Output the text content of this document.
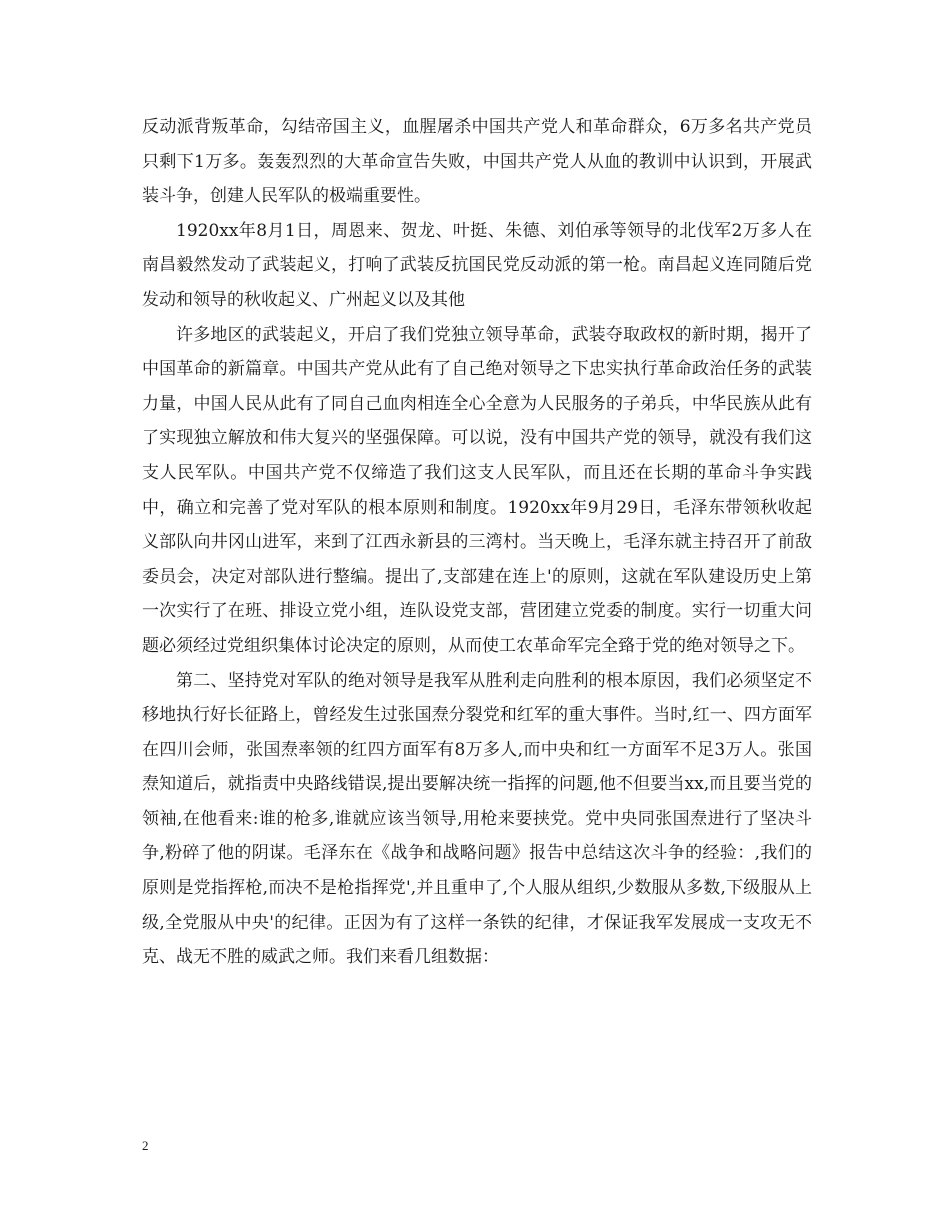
反动派背叛革命，勾结帝国主义，血腥屠杀中国共产党人和革命群众，6万多名共产党员只剩下1万多。轰轰烈烈的大革命宣告失败，中国共产党人从血的教训中认识到，开展武装斗争，创建人民军队的极端重要性。

1920xx年8月1日，周恩来、贺龙、叶挺、朱德、刘伯承等领导的北伐军2万多人在南昌毅然发动了武装起义，打响了武装反抗国民党反动派的第一枪。南昌起义连同随后党发动和领导的秋收起义、广州起义以及其他

许多地区的武装起义，开启了我们党独立领导革命，武装夺取政权的新时期，揭开了中国革命的新篇章。中国共产党从此有了自己绝对领导之下忠实执行革命政治任务的武装力量，中国人民从此有了同自己血肉相连全心全意为人民服务的子弟兵，中华民族从此有了实现独立解放和伟大复兴的坚强保障。可以说，没有中国共产党的领导，就没有我们这支人民军队。中国共产党不仅缔造了我们这支人民军队，而且还在长期的革命斗争实践中，确立和完善了党对军队的根本原则和制度。1920xx年9月29日，毛泽东带领秋收起义部队向井冈山进军，来到了江西永新县的三湾村。当天晚上，毛泽东就主持召开了前敌委员会，决定对部队进行整编。提出了,支部建在连上'的原则，这就在军队建设历史上第一次实行了在班、排设立党小组，连队设党支部，营团建立党委的制度。实行一切重大问题必须经过党组织集体讨论决定的原则，从而使工农革命军完全臵于党的绝对领导之下。

第二、坚持党对军队的绝对领导是我军从胜利走向胜利的根本原因，我们必须坚定不移地执行好长征路上，曾经发生过张国焘分裂党和红军的重大事件。当时,红一、四方面军在四川会师，张国焘率领的红四方面军有8万多人,而中央和红一方面军不足3万人。张国焘知道后，就指责中央路线错误,提出要解决统一指挥的问题,他不但要当xx,而且要当党的领袖,在他看来:谁的枪多,谁就应该当领导,用枪来要挟党。党中央同张国焘进行了坚决斗争,粉碎了他的阴谋。毛泽东在《战争和战略问题》报告中总结这次斗争的经验：,我们的原则是党指挥枪,而决不是枪指挥党',并且重申了,个人服从组织,少数服从多数,下级服从上级,全党服从中央'的纪律。正因为有了这样一条铁的纪律，才保证我军发展成一支攻无不克、战无不胜的威武之师。我们来看几组数据：

2
